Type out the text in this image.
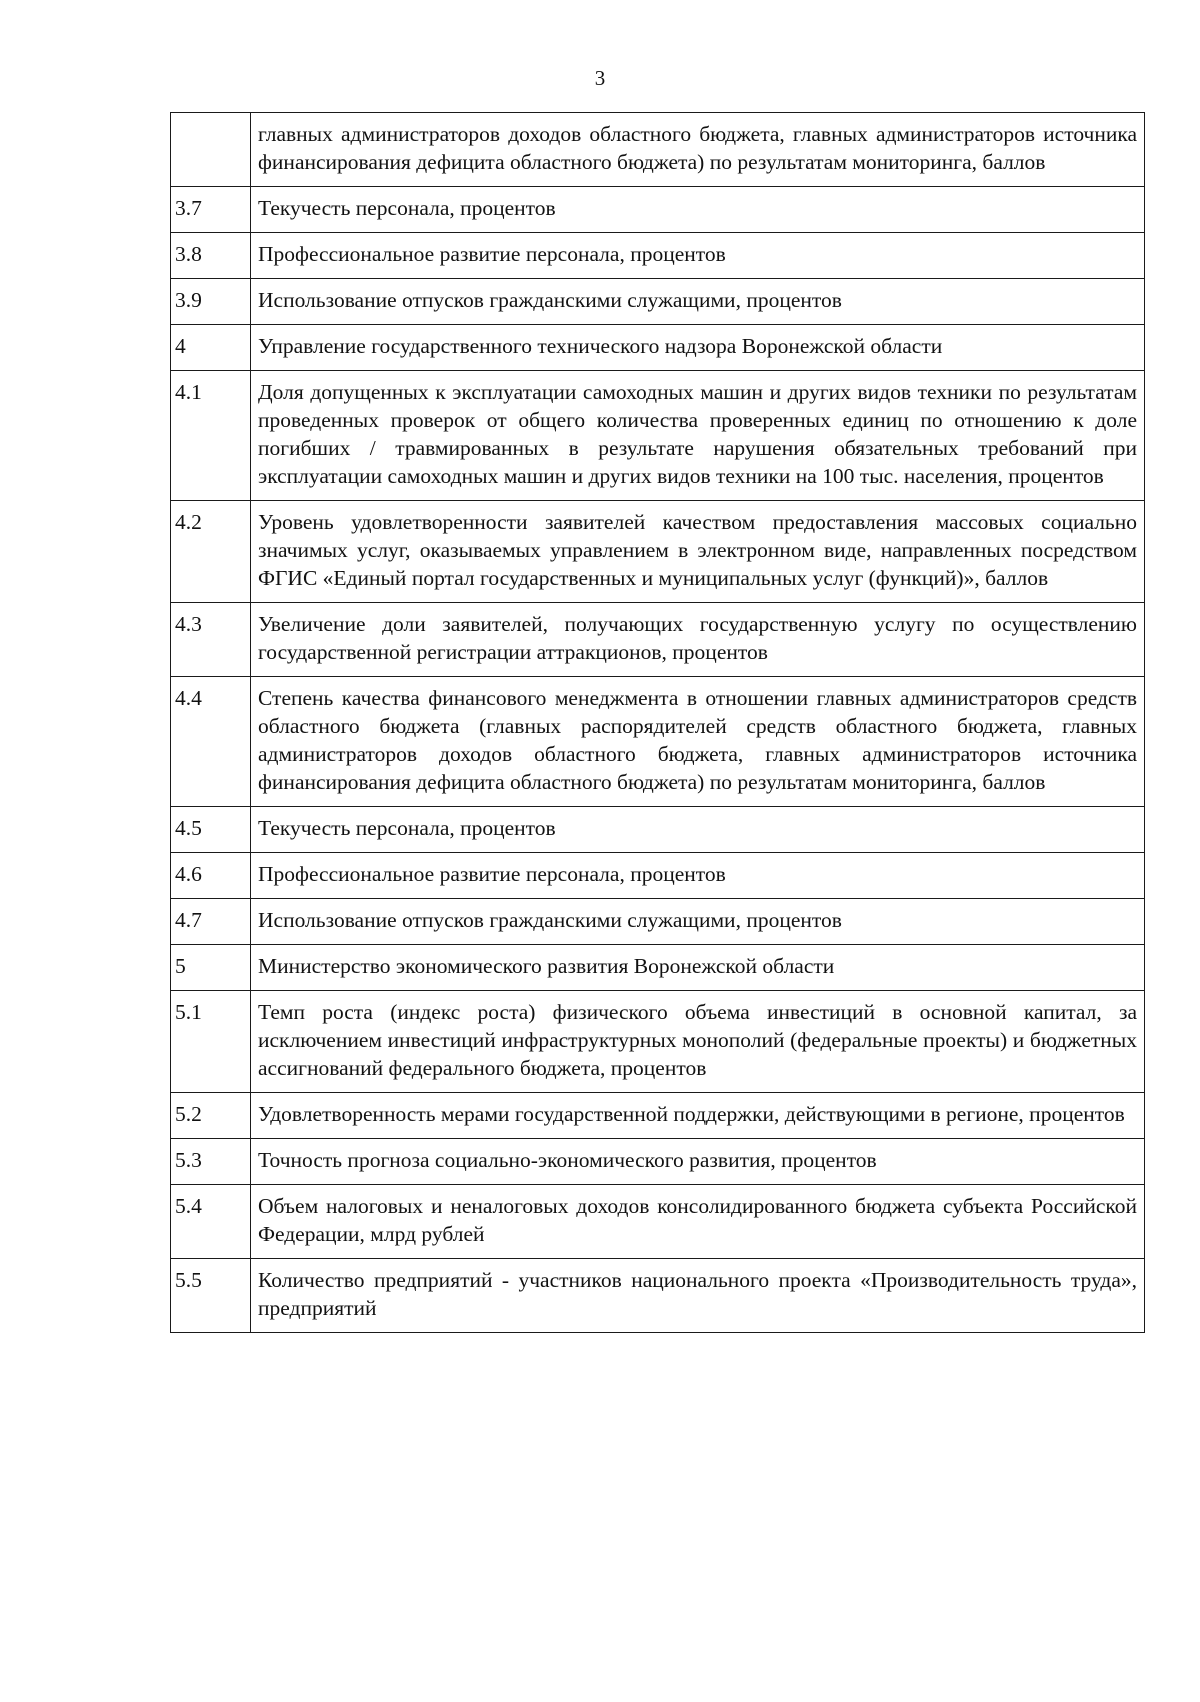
3
	главных администраторов доходов областного бюджета, главных администраторов источника финансирования дефицита областного бюджета) по результатам мониторинга, баллов
3.7	Текучесть персонала, процентов
3.8	Профессиональное развитие персонала, процентов
3.9	Использование отпусков гражданскими служащими, процентов
4	Управление государственного технического надзора Воронежской области
4.1	Доля допущенных к эксплуатации самоходных машин и других видов техники по результатам проведенных проверок от общего количества проверенных единиц по отношению к доле погибших / травмированных в результате нарушения обязательных требований при эксплуатации самоходных машин и других видов техники на 100 тыс. населения, процентов
4.2	Уровень удовлетворенности заявителей качеством предоставления массовых социально значимых услуг, оказываемых управлением в электронном виде, направленных посредством ФГИС «Единый портал государственных и муниципальных услуг (функций)», баллов
4.3	Увеличение доли заявителей, получающих государственную услугу по осуществлению государственной регистрации аттракционов, процентов
4.4	Степень качества финансового менеджмента в отношении главных администраторов средств областного бюджета (главных распорядителей средств областного бюджета, главных администраторов доходов областного бюджета, главных администраторов источника финансирования дефицита областного бюджета) по результатам мониторинга, баллов
4.5	Текучесть персонала, процентов
4.6	Профессиональное развитие персонала, процентов
4.7	Использование отпусков гражданскими служащими, процентов
5	Министерство экономического развития Воронежской области
5.1	Темп роста (индекс роста) физического объема инвестиций в основной капитал, за исключением инвестиций инфраструктурных монополий (федеральные проекты) и бюджетных ассигнований федерального бюджета, процентов
5.2	Удовлетворенность мерами государственной поддержки, действующими в регионе, процентов
5.3	Точность прогноза социально-экономического развития, процентов
5.4	Объем налоговых и неналоговых доходов консолидированного бюджета субъекта Российской Федерации, млрд рублей
5.5	Количество предприятий - участников национального проекта «Производительность труда», предприятий
